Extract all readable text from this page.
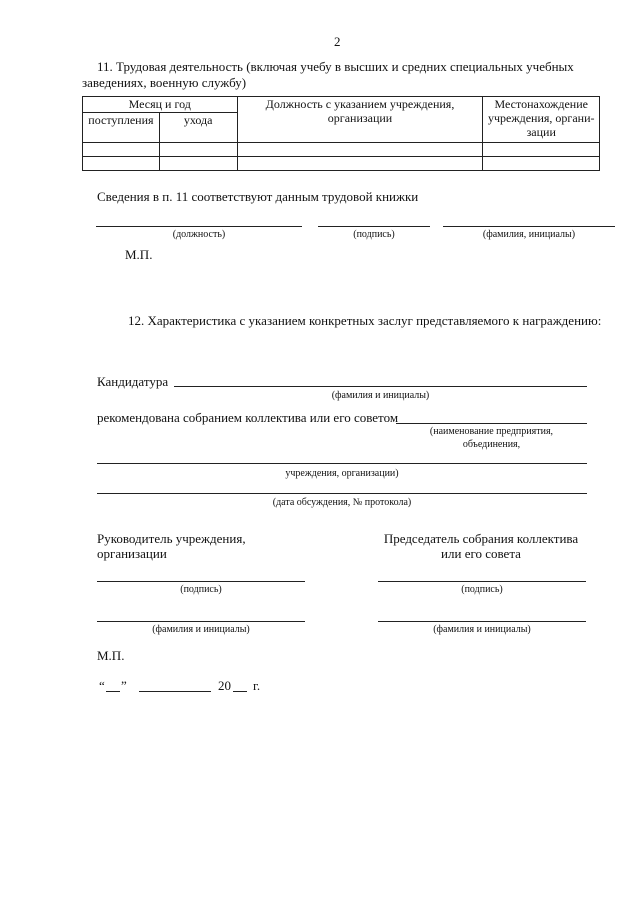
2
11. Трудовая деятельность (включая учебу в высших и средних специальных учебных
заведениях, военную службу)
Месяц и год		Должность с указанием учреждения,
организации	Местонахождение
учреждения, органи-
зации
поступления	ухода		

Сведения в п. 11 соответствуют данным трудовой книжки
(должность)	(подпись)	(фамилия, инициалы)
М.П.
12. Характеристика с указанием конкретных заслуг представляемого к награждению:
Кандидатура
(фамилия и инициалы)
рекомендована собранием коллектива или его советом
(наименование предприятия,
объединения,
учреждения, организации)
(дата обсуждения, № протокола)
Руководитель учреждения,
организации
Председатель собрания коллектива
или его совета
(подпись)	(подпись)
(фамилия и инициалы)	(фамилия и инициалы)
М.П.
“ ”	20 г.
